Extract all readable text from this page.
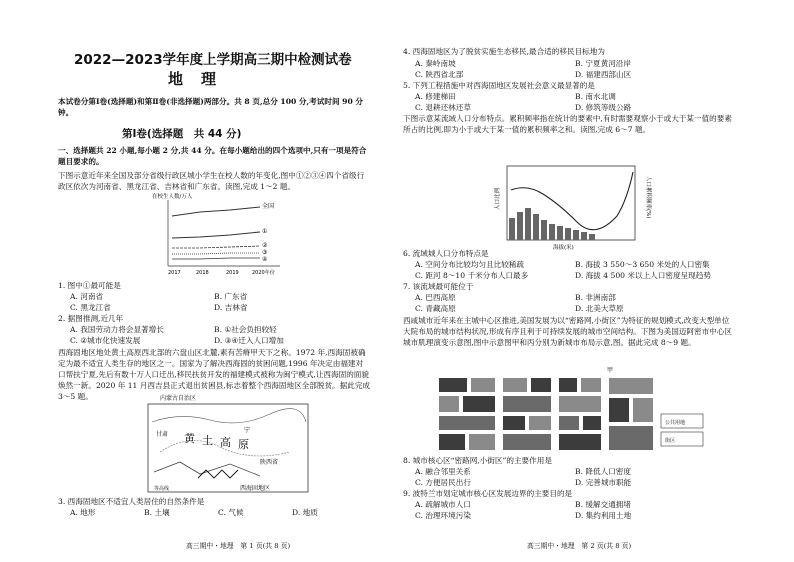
2022—2023学年度上学期高三期中检测试卷
地理
本试卷分第Ⅰ卷(选择题)和第Ⅱ卷(非选择题)两部分。共 8 页,总分 100 分,考试时间 90 分钟。
第Ⅰ卷(选择题　共 44 分)
一、选择题共 22 小题,每小题 2 分,共 44 分。在每小题给出的四个选项中,只有一项是符合题目要求的。
下图示意近年来全国及部分省级行政区城小学生在校人数的年变化,图中①②③④四个省级行政区依次为河南省、黑龙江省、吉林省和广东省。读图,完成 1～2 题。
在校生人数/万人
全国
①
②
③
④
2017	2018	2019	2020年份
1. 图中①最可能是
A. 河南省	B. 广东省
C. 黑龙江省	D. 吉林省
2. 据图推测,近几年
A. 我国劳动力将会显著增长	B. ①社会负担较轻
C. ②城市化快速发展	D. ③④迁入人口增加
西海固地区地处黄土高原西北部的六盘山区北麓,素有苦瘠甲天下之称。1972 年,西海固被确定为最不适宜人类生存的地区之一。国家为了解决西海固的贫困问题,1996 年决定由福建对口帮扶宁夏,先后有数十万人口迁出,移民扶贫开发的福建模式被称为闽宁模式,让西海固的面貌焕然一新。2020 年 11 月西吉县正式退出贫困县,标志着整个西海固地区全部脱贫。据此完成 3～5 题。	内蒙古自治区
甘肃
宁
黄 土 高 原
陕西省
西海固地区
等高线
3. 西海固地区不适宜人类居住的自然条件是
A. 地形	B. 土壤	C. 气候	D. 地质
高三期中・地理　第 1 页(共 8 页)
4. 西海固地区为了脱贫实施生态移民,最合适的移民目标地为
A. 秦岭南坡	B. 宁夏黄河沿岸
C. 陕西省北部	D. 福建西部山区
5. 下列工程措施中对西海固地区发展社会意义最显著的是
A. 修建梯田	B. 南水北调
C. 退耕还林还草	D. 修筑等级公路
下图示意某流域人口分布特点。累积频率指在统计的要素中,有时需要观察小于或大于某一值的要素所占的比例,即为小于或大于某一值的累积频率之和。读图,完成 6～7 题。
人口比例	人口累积频率(%)
海拔(米)
6. 流域城人口分布特点是
A. 空间分布比较均匀且比较稀疏	B. 海拔 3 550～3 650 米处的人口密集
C. 距河 8～10 千米分布人口最多	D. 海拔 4 500 米以上人口密度呈现趋势
7. 该流域最可能位于
A. 巴西高原	B. 非洲南部
C. 青藏高原	D. 北美大草原
西咸城市近年来在主城中心区推进,美国发展为以“密路网,小街区”为特征的规划模式,改变大型单位大院布局的城市结构状况,形成有序且利于可持续发展的城市空间结构。下图为美国迈阿密市中心区城市肌理演变示意图,图中示意图甲和丙分别为新城市布局示意,图。据此完成 8～9 题。
甲
公共用地
街区
8. 城市核心区“密路网,小街区”的主要作用是
A. 融合邻里关系	B. 降低人口密度
C. 方便居民出行	D. 完善城市职能
9. 波特兰市划定城市核心区发展边界的主要目的是
A. 疏解城市人口	B. 缓解交通拥堵
C. 治理环境污染	D. 集约利用土地
高三期中・地理　第 2 页(共 8 页)
